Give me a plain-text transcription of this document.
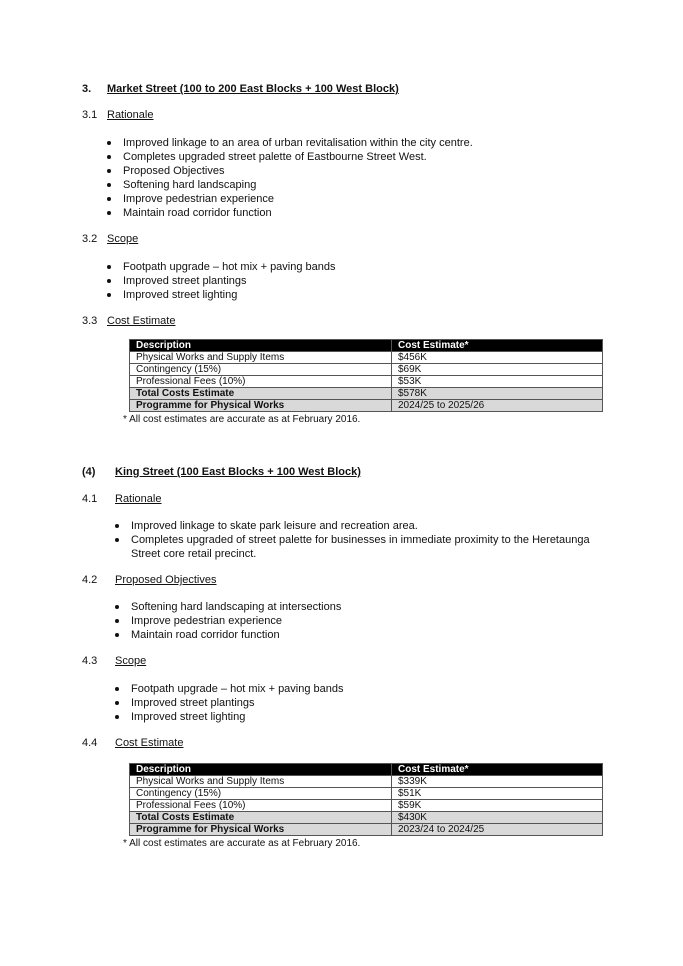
3. Market Street (100 to 200 East Blocks + 100 West Block)
3.1 Rationale
Improved linkage to an area of urban revitalisation within the city centre.
Completes upgraded street palette of Eastbourne Street West.
Proposed Objectives
Softening hard landscaping
Improve pedestrian experience
Maintain road corridor function
3.2 Scope
Footpath upgrade – hot mix + paving bands
Improved street plantings
Improved street lighting
3.3 Cost Estimate
Description	Cost Estimate*
Physical Works and Supply Items	$456K
Contingency (15%)	$69K
Professional Fees (10%)	$53K
Total Costs Estimate	$578K
Programme for Physical Works	2024/25 to 2025/26
* All cost estimates are accurate as at February 2016.
(4) King Street (100 East Blocks + 100 West Block)
4.1 Rationale
Improved linkage to skate park leisure and recreation area.
Completes upgraded of street palette for businesses in immediate proximity to the Heretaunga Street core retail precinct.
4.2 Proposed Objectives
Softening hard landscaping at intersections
Improve pedestrian experience
Maintain road corridor function
4.3 Scope
Footpath upgrade – hot mix + paving bands
Improved street plantings
Improved street lighting
4.4 Cost Estimate
Description	Cost Estimate*
Physical Works and Supply Items	$339K
Contingency (15%)	$51K
Professional Fees (10%)	$59K
Total Costs Estimate	$430K
Programme for Physical Works	2023/24 to 2024/25
* All cost estimates are accurate as at February 2016.
